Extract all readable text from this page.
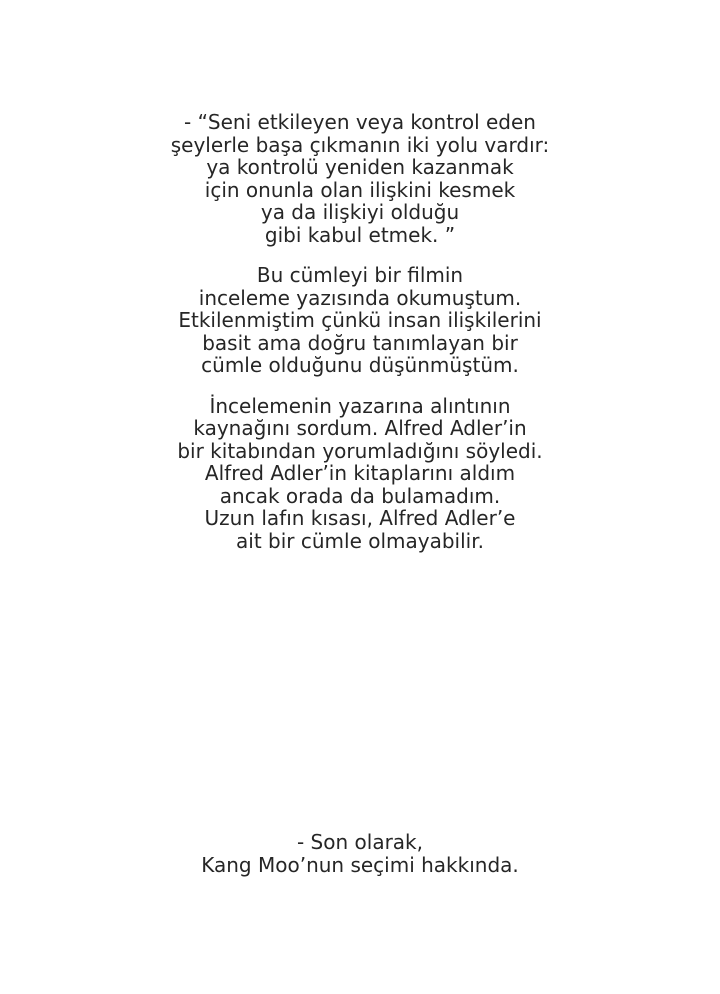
- “Seni etkileyen veya kontrol eden
şeylerle başa çıkmanın iki yolu vardır:
ya kontrolü yeniden kazanmak
için onunla olan ilişkini kesmek
ya da ilişkiyi olduğu
gibi kabul etmek. ”

Bu cümleyi bir filmin
inceleme yazısında okumuştum.
Etkilenmiştim çünkü insan ilişkilerini
basit ama doğru tanımlayan bir
cümle olduğunu düşünmüştüm.

İncelemenin yazarına alıntının
kaynağını sordum. Alfred Adler’in
bir kitabından yorumladığını söyledi.
Alfred Adler’in kitaplarını aldım
ancak orada da bulamadım.
Uzun lafın kısası, Alfred Adler’e
ait bir cümle olmayabilir.

- Son olarak,
Kang Moo’nun seçimi hakkında.
